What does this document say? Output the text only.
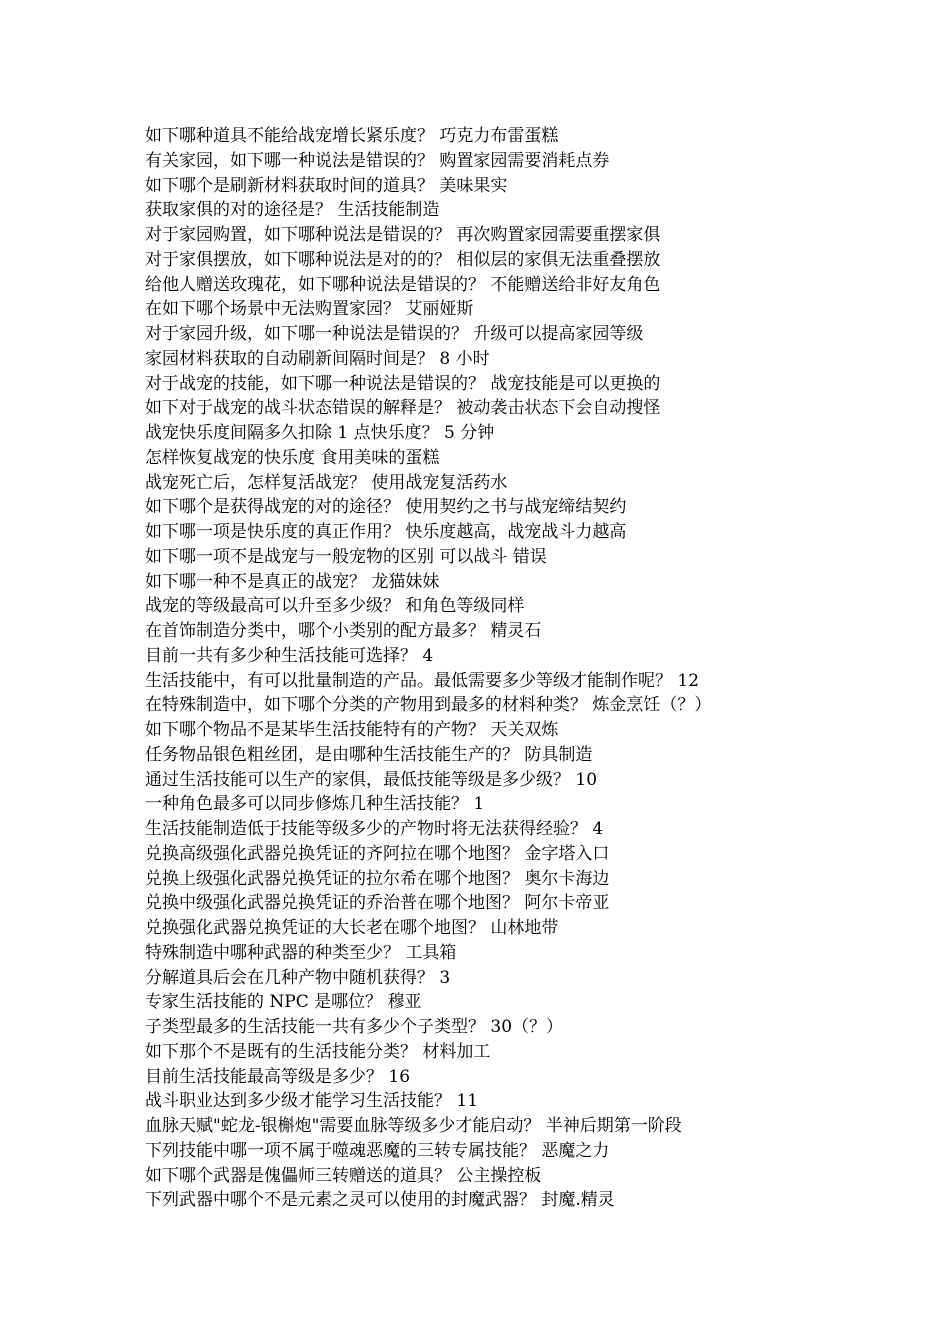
如下哪种道具不能给战宠增长紧乐度？ 巧克力布雷蛋糕
有关家园，如下哪一种说法是错误的？ 购置家园需要消耗点券
如下哪个是刷新材料获取时间的道具？ 美味果实
获取家俱的对的途径是？ 生活技能制造
对于家园购置，如下哪种说法是错误的？ 再次购置家园需要重摆家俱
对于家俱摆放，如下哪种说法是对的的？ 相似层的家俱无法重叠摆放
给他人赠送玫瑰花，如下哪种说法是错误的？ 不能赠送给非好友角色
在如下哪个场景中无法购置家园？ 艾丽娅斯
对于家园升级，如下哪一种说法是错误的？ 升级可以提高家园等级
家园材料获取的自动刷新间隔时间是？ 8 小时
对于战宠的技能，如下哪一种说法是错误的？ 战宠技能是可以更换的
如下对于战宠的战斗状态错误的解释是？ 被动袭击状态下会自动搜怪
战宠快乐度间隔多久扣除 1 点快乐度？ 5 分钟
怎样恢复战宠的快乐度 食用美味的蛋糕
战宠死亡后，怎样复活战宠？ 使用战宠复活药水
如下哪个是获得战宠的对的途径？ 使用契约之书与战宠缔结契约
如下哪一项是快乐度的真正作用？ 快乐度越高，战宠战斗力越高
如下哪一项不是战宠与一般宠物的区别 可以战斗 错误
如下哪一种不是真正的战宠？ 龙猫妹妹
战宠的等级最高可以升至多少级？ 和角色等级同样
在首饰制造分类中，哪个小类别的配方最多？ 精灵石
目前一共有多少种生活技能可选择？ 4
生活技能中，有可以批量制造的产品。最低需要多少等级才能制作呢？ 12
在特殊制造中，如下哪个分类的产物用到最多的材料种类？ 炼金烹饪（？）
如下哪个物品不是某毕生活技能特有的产物？ 天关双炼
任务物品银色粗丝团，是由哪种生活技能生产的？ 防具制造
通过生活技能可以生产的家俱，最低技能等级是多少级？ 10
一种角色最多可以同步修炼几种生活技能？ 1
生活技能制造低于技能等级多少的产物时将无法获得经验？ 4
兑换高级强化武器兑换凭证的齐阿拉在哪个地图？ 金字塔入口
兑换上级强化武器兑换凭证的拉尔希在哪个地图？ 奥尔卡海边
兑换中级强化武器兑换凭证的乔治普在哪个地图？ 阿尔卡帝亚
兑换强化武器兑换凭证的大长老在哪个地图？ 山林地带
特殊制造中哪种武器的种类至少？ 工具箱
分解道具后会在几种产物中随机获得？ 3
专家生活技能的 NPC 是哪位？ 穆亚
子类型最多的生活技能一共有多少个子类型？ 30（？）
如下那个不是既有的生活技能分类？ 材料加工
目前生活技能最高等级是多少？ 16
战斗职业达到多少级才能学习生活技能？ 11
血脉天赋"蛇龙-银槲炮"需要血脉等级多少才能启动？ 半神后期第一阶段
下列技能中哪一项不属于噬魂恶魔的三转专属技能？ 恶魔之力
如下哪个武器是傀儡师三转赠送的道具？ 公主操控板
下列武器中哪个不是元素之灵可以使用的封魔武器？ 封魔.精灵
